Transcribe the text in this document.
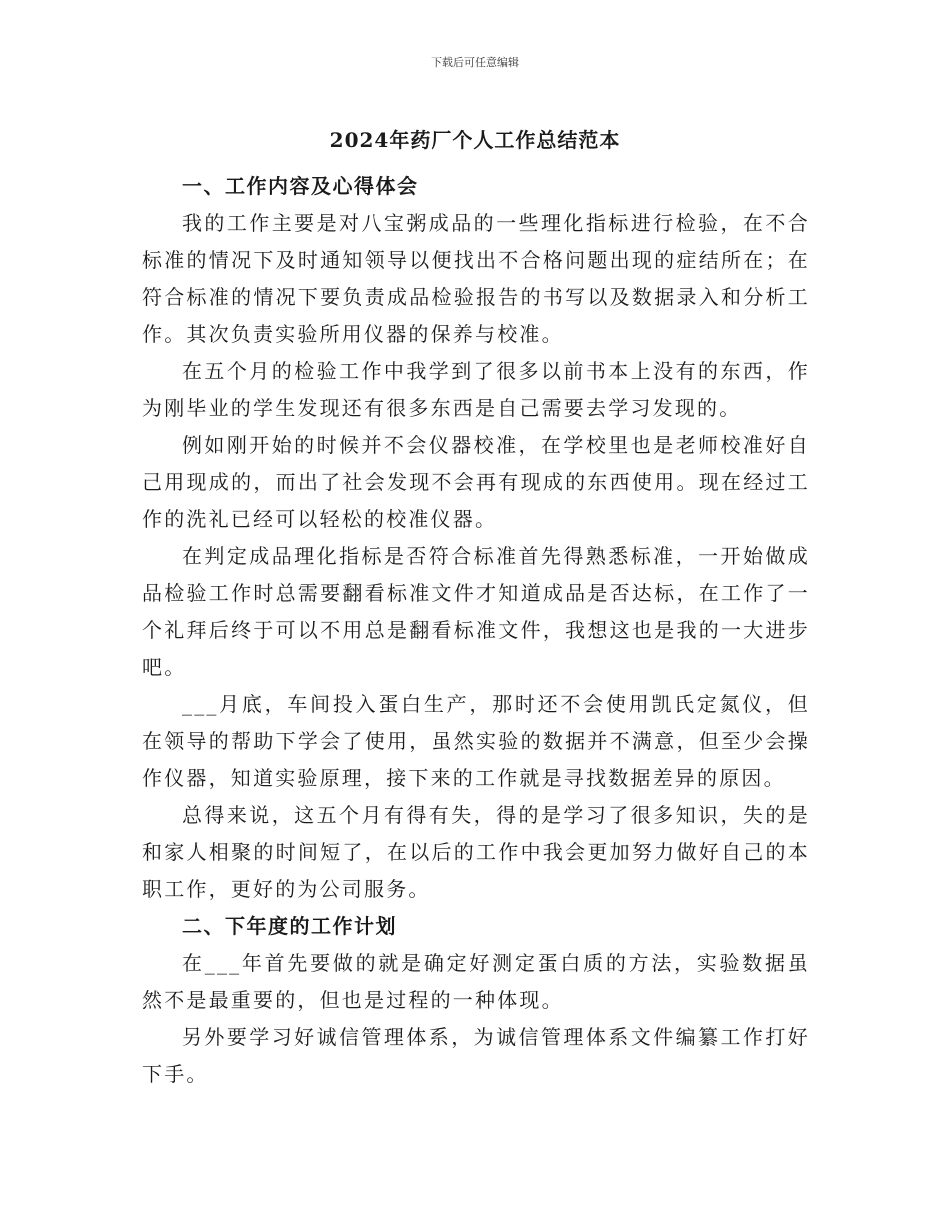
下载后可任意编辑
2024年药厂个人工作总结范本
一、工作内容及心得体会

我的工作主要是对八宝粥成品的一些理化指标进行检验，在不合标准的情况下及时通知领导以便找出不合格问题出现的症结所在；在符合标准的情况下要负责成品检验报告的书写以及数据录入和分析工作。其次负责实验所用仪器的保养与校准。

在五个月的检验工作中我学到了很多以前书本上没有的东西，作为刚毕业的学生发现还有很多东西是自己需要去学习发现的。

例如刚开始的时候并不会仪器校准，在学校里也是老师校准好自己用现成的，而出了社会发现不会再有现成的东西使用。现在经过工作的洗礼已经可以轻松的校准仪器。

在判定成品理化指标是否符合标准首先得熟悉标准，一开始做成品检验工作时总需要翻看标准文件才知道成品是否达标，在工作了一个礼拜后终于可以不用总是翻看标准文件，我想这也是我的一大进步吧。

___月底，车间投入蛋白生产，那时还不会使用凯氏定氮仪，但在领导的帮助下学会了使用，虽然实验的数据并不满意，但至少会操作仪器，知道实验原理，接下来的工作就是寻找数据差异的原因。

总得来说，这五个月有得有失，得的是学习了很多知识，失的是和家人相聚的时间短了，在以后的工作中我会更加努力做好自己的本职工作，更好的为公司服务。

二、下年度的工作计划

在___年首先要做的就是确定好测定蛋白质的方法，实验数据虽然不是最重要的，但也是过程的一种体现。

另外要学习好诚信管理体系，为诚信管理体系文件编纂工作打好下手。
